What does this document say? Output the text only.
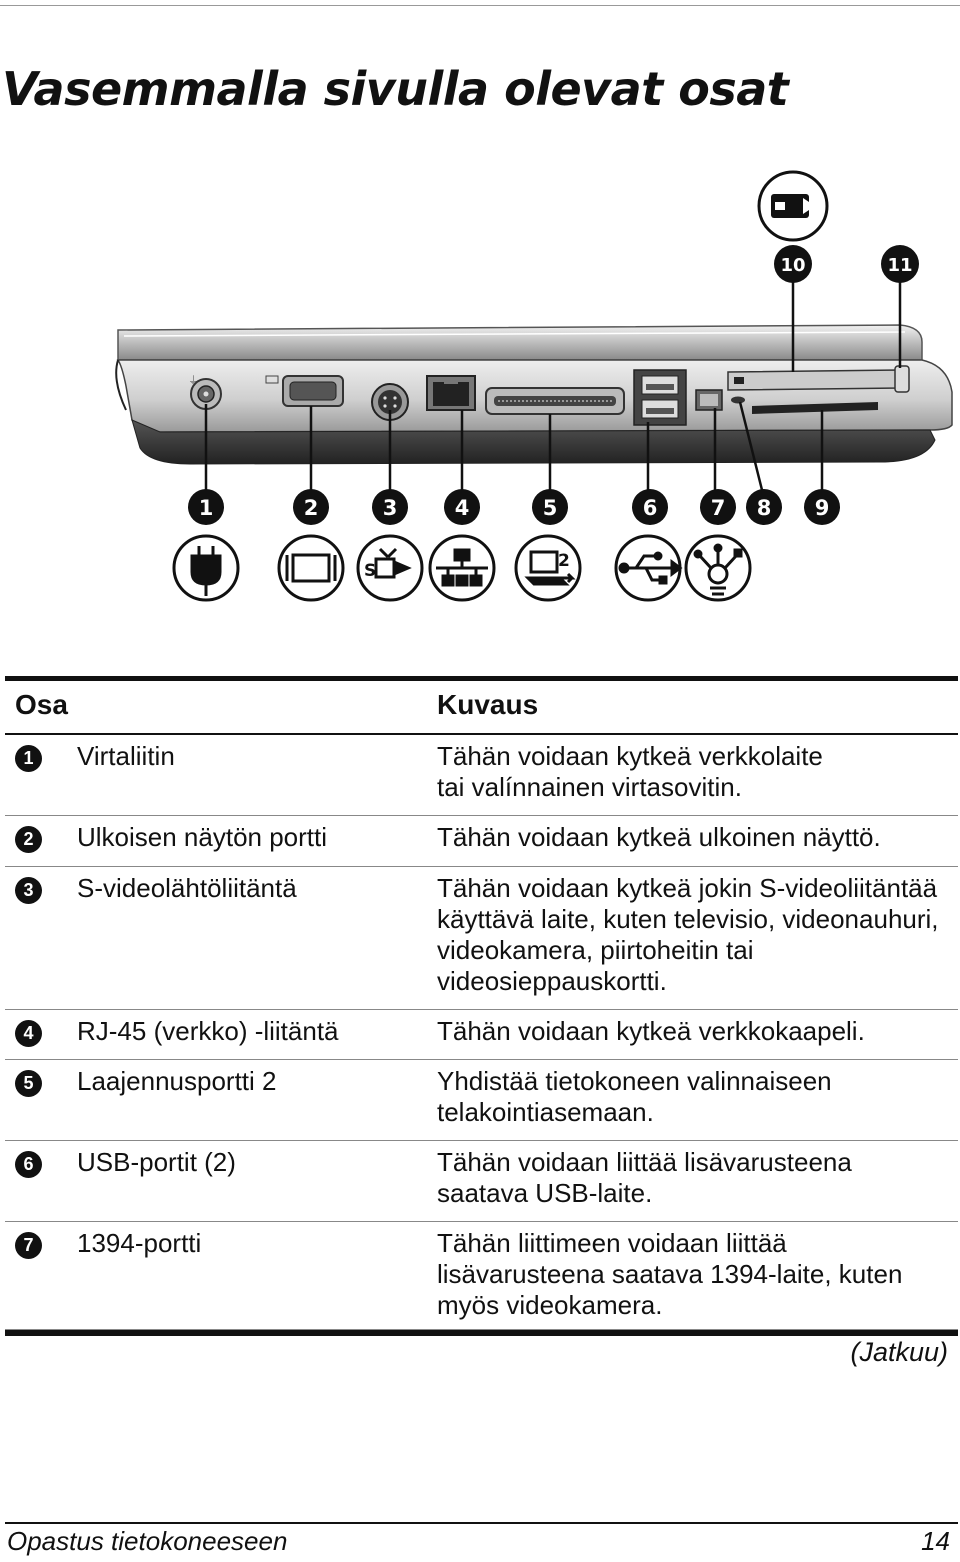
Vasemmalla sivulla olevat osat
⏚
1	2	3	4	5	6	7 8 9
10	11
S	2
Osa	Kuvaus
1	Virtaliitin	Tähän voidaan kytkeä verkkolaite
tai valínnainen virtasovitin.
2	Ulkoisen näytön portti	Tähän voidaan kytkeä ulkoinen näyttö.
3	S-videolähtöliitäntä	Tähän voidaan kytkeä jokin S-videoliitäntää
käyttävä laite, kuten televisio, videonauhuri,
videokamera, piirtoheitin tai
videosieppauskortti.
4	RJ-45 (verkko) -liitäntä	Tähän voidaan kytkeä verkkokaapeli.
5	Laajennusportti 2	Yhdistää tietokoneen valinnaiseen
telakointiasemaan.
6	USB-portit (2)	Tähän voidaan liittää lisävarusteena
saatava USB-laite.
7	1394-portti	Tähän liittimeen voidaan liittää
lisävarusteena saatava 1394-laite, kuten
myös videokamera.
(Jatkuu)
Opastus tietokoneeseen	14
